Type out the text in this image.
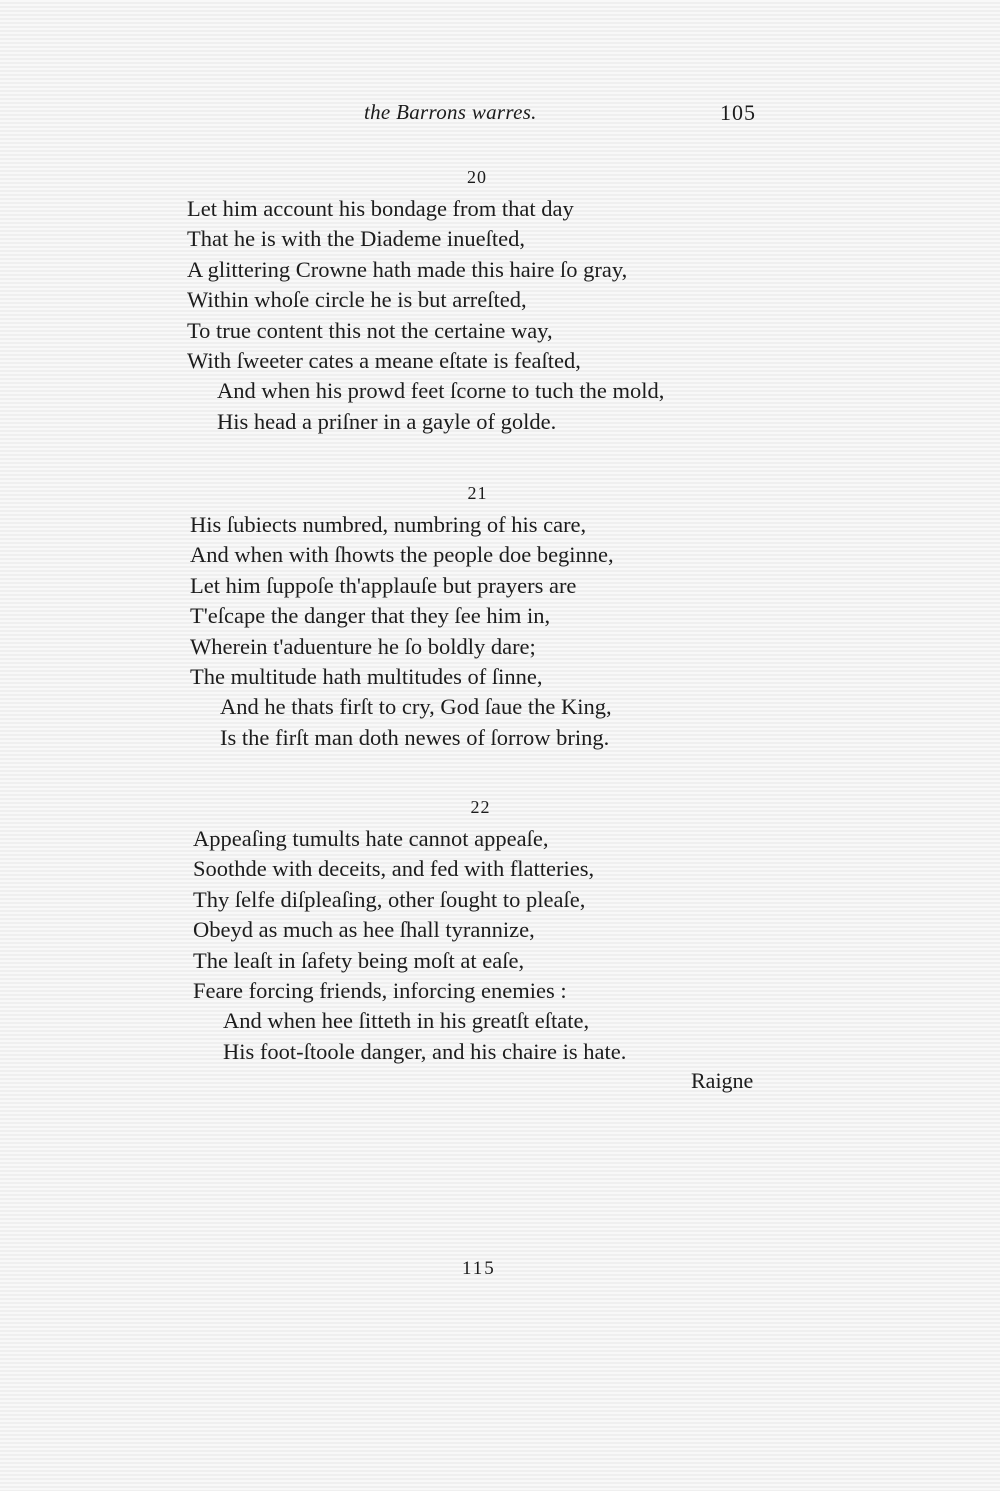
the Barrons warres.	105
20
Let him account his bondage from that day
That he is with the Diademe inueſted,
A glittering Crowne hath made this haire ſo gray,
Within whoſe circle he is but arreſted,
To true content this not the certaine way,
With ſweeter cates a meane eſtate is feaſted,
And when his prowd feet ſcorne to tuch the mold,
His head a priſner in a gayle of golde.
21
His ſubiects numbred, numbring of his care,
And when with ſhowts the people doe beginne,
Let him ſuppoſe th'applauſe but prayers are
T'eſcape the danger that they ſee him in,
Wherein t'aduenture he ſo boldly dare;
The multitude hath multitudes of ſinne,
And he thats firſt to cry, God ſaue the King,
Is the firſt man doth newes of ſorrow bring.
22
Appeaſing tumults hate cannot appeaſe,
Soothde with deceits, and fed with flatteries,
Thy ſelfe diſpleaſing, other ſought to pleaſe,
Obeyd as much as hee ſhall tyrannize,
The leaſt in ſafety being moſt at eaſe,
Feare forcing friends, inforcing enemies :
And when hee ſitteth in his greatſt eſtate,
His foot-ſtoole danger, and his chaire is hate.
Raigne
115
